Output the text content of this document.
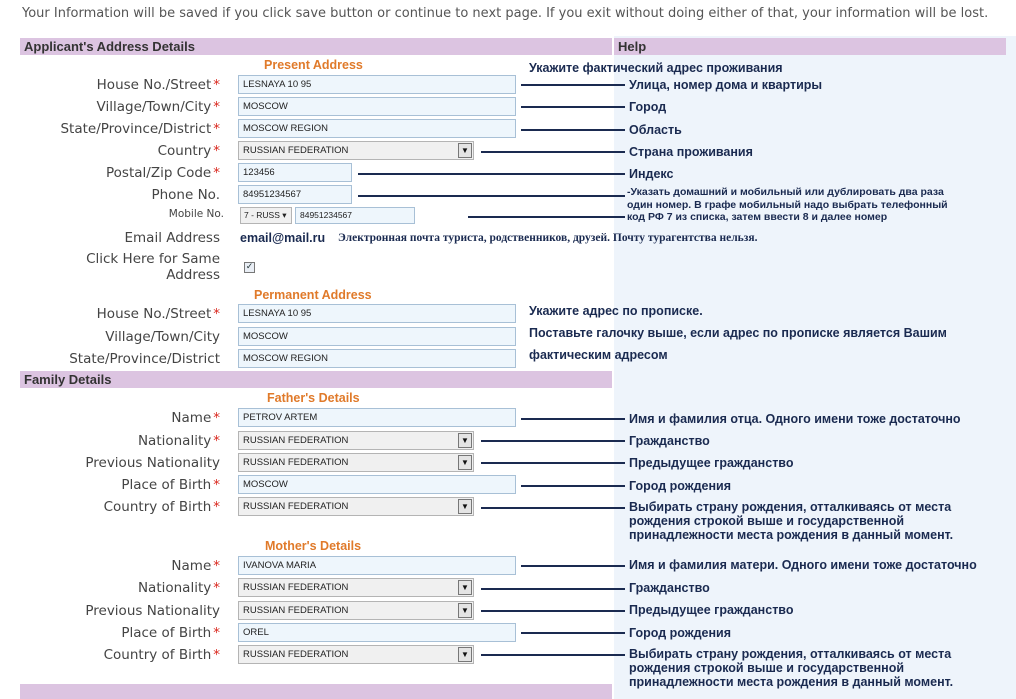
Your Information will be saved if you click save button or continue to next page. If you exit without doing either of that, your information will be lost.
Applicant's Address Details	Help
Family Details
Present Address
House No./Street *	LESNAYA 10 95
Village/Town/City *	MOSCOW
State/Province/District *	MOSCOW REGION
Country *	RUSSIAN FEDERATION	▼
Postal/Zip Code *	123456
Phone No.	84951234567
Mobile No.	7 - RUSS ▾	84951234567
Email Address email@mail.ru Электронная почта туриста, родственников, друзей. Почту турагентства нельзя.
Click Here for Same
Address	✓
Permanent Address
House No./Street *	LESNAYA 10 95
Village/Town/City	MOSCOW
State/Province/District	MOSCOW REGION
Father's Details
Name *	PETROV ARTEM
Nationality *	RUSSIAN FEDERATION	▼
Previous Nationality	RUSSIAN FEDERATION	▼
Place of Birth *	MOSCOW
Country of Birth *	RUSSIAN FEDERATION	▼
Mother's Details
Name *	IVANOVA MARIA
Nationality *	RUSSIAN FEDERATION	▼
Previous Nationality	RUSSIAN FEDERATION	▼
Place of Birth *	OREL
Country of Birth *	RUSSIAN FEDERATION	▼
Укажите фактический адрес проживания
Улица, номер дома и квартиры
Город
Область
Страна проживания
Индекс
-Указать домашний и мобильный или дублировать два раза
один номер. В графе мобильный надо выбрать телефонный
код РФ 7 из списка, затем ввести 8 и далее номер
Укажите адрес по прописке.
Поставьте галочку выше, если адрес по прописке является Вашим
фактическим адресом
Имя и фамилия отца. Одного имени тоже достаточно
Гражданство
Предыдущее гражданство
Город рождения
Выбирать страну рождения, отталкиваясь от места
рождения строкой выше и государственной
принадлежности места рождения в данный момент.
Имя и фамилия матери. Одного имени тоже достаточно
Гражданство
Предыдущее гражданство
Город рождения
Выбирать страну рождения, отталкиваясь от места
рождения строкой выше и государственной
принадлежности места рождения в данный момент.
